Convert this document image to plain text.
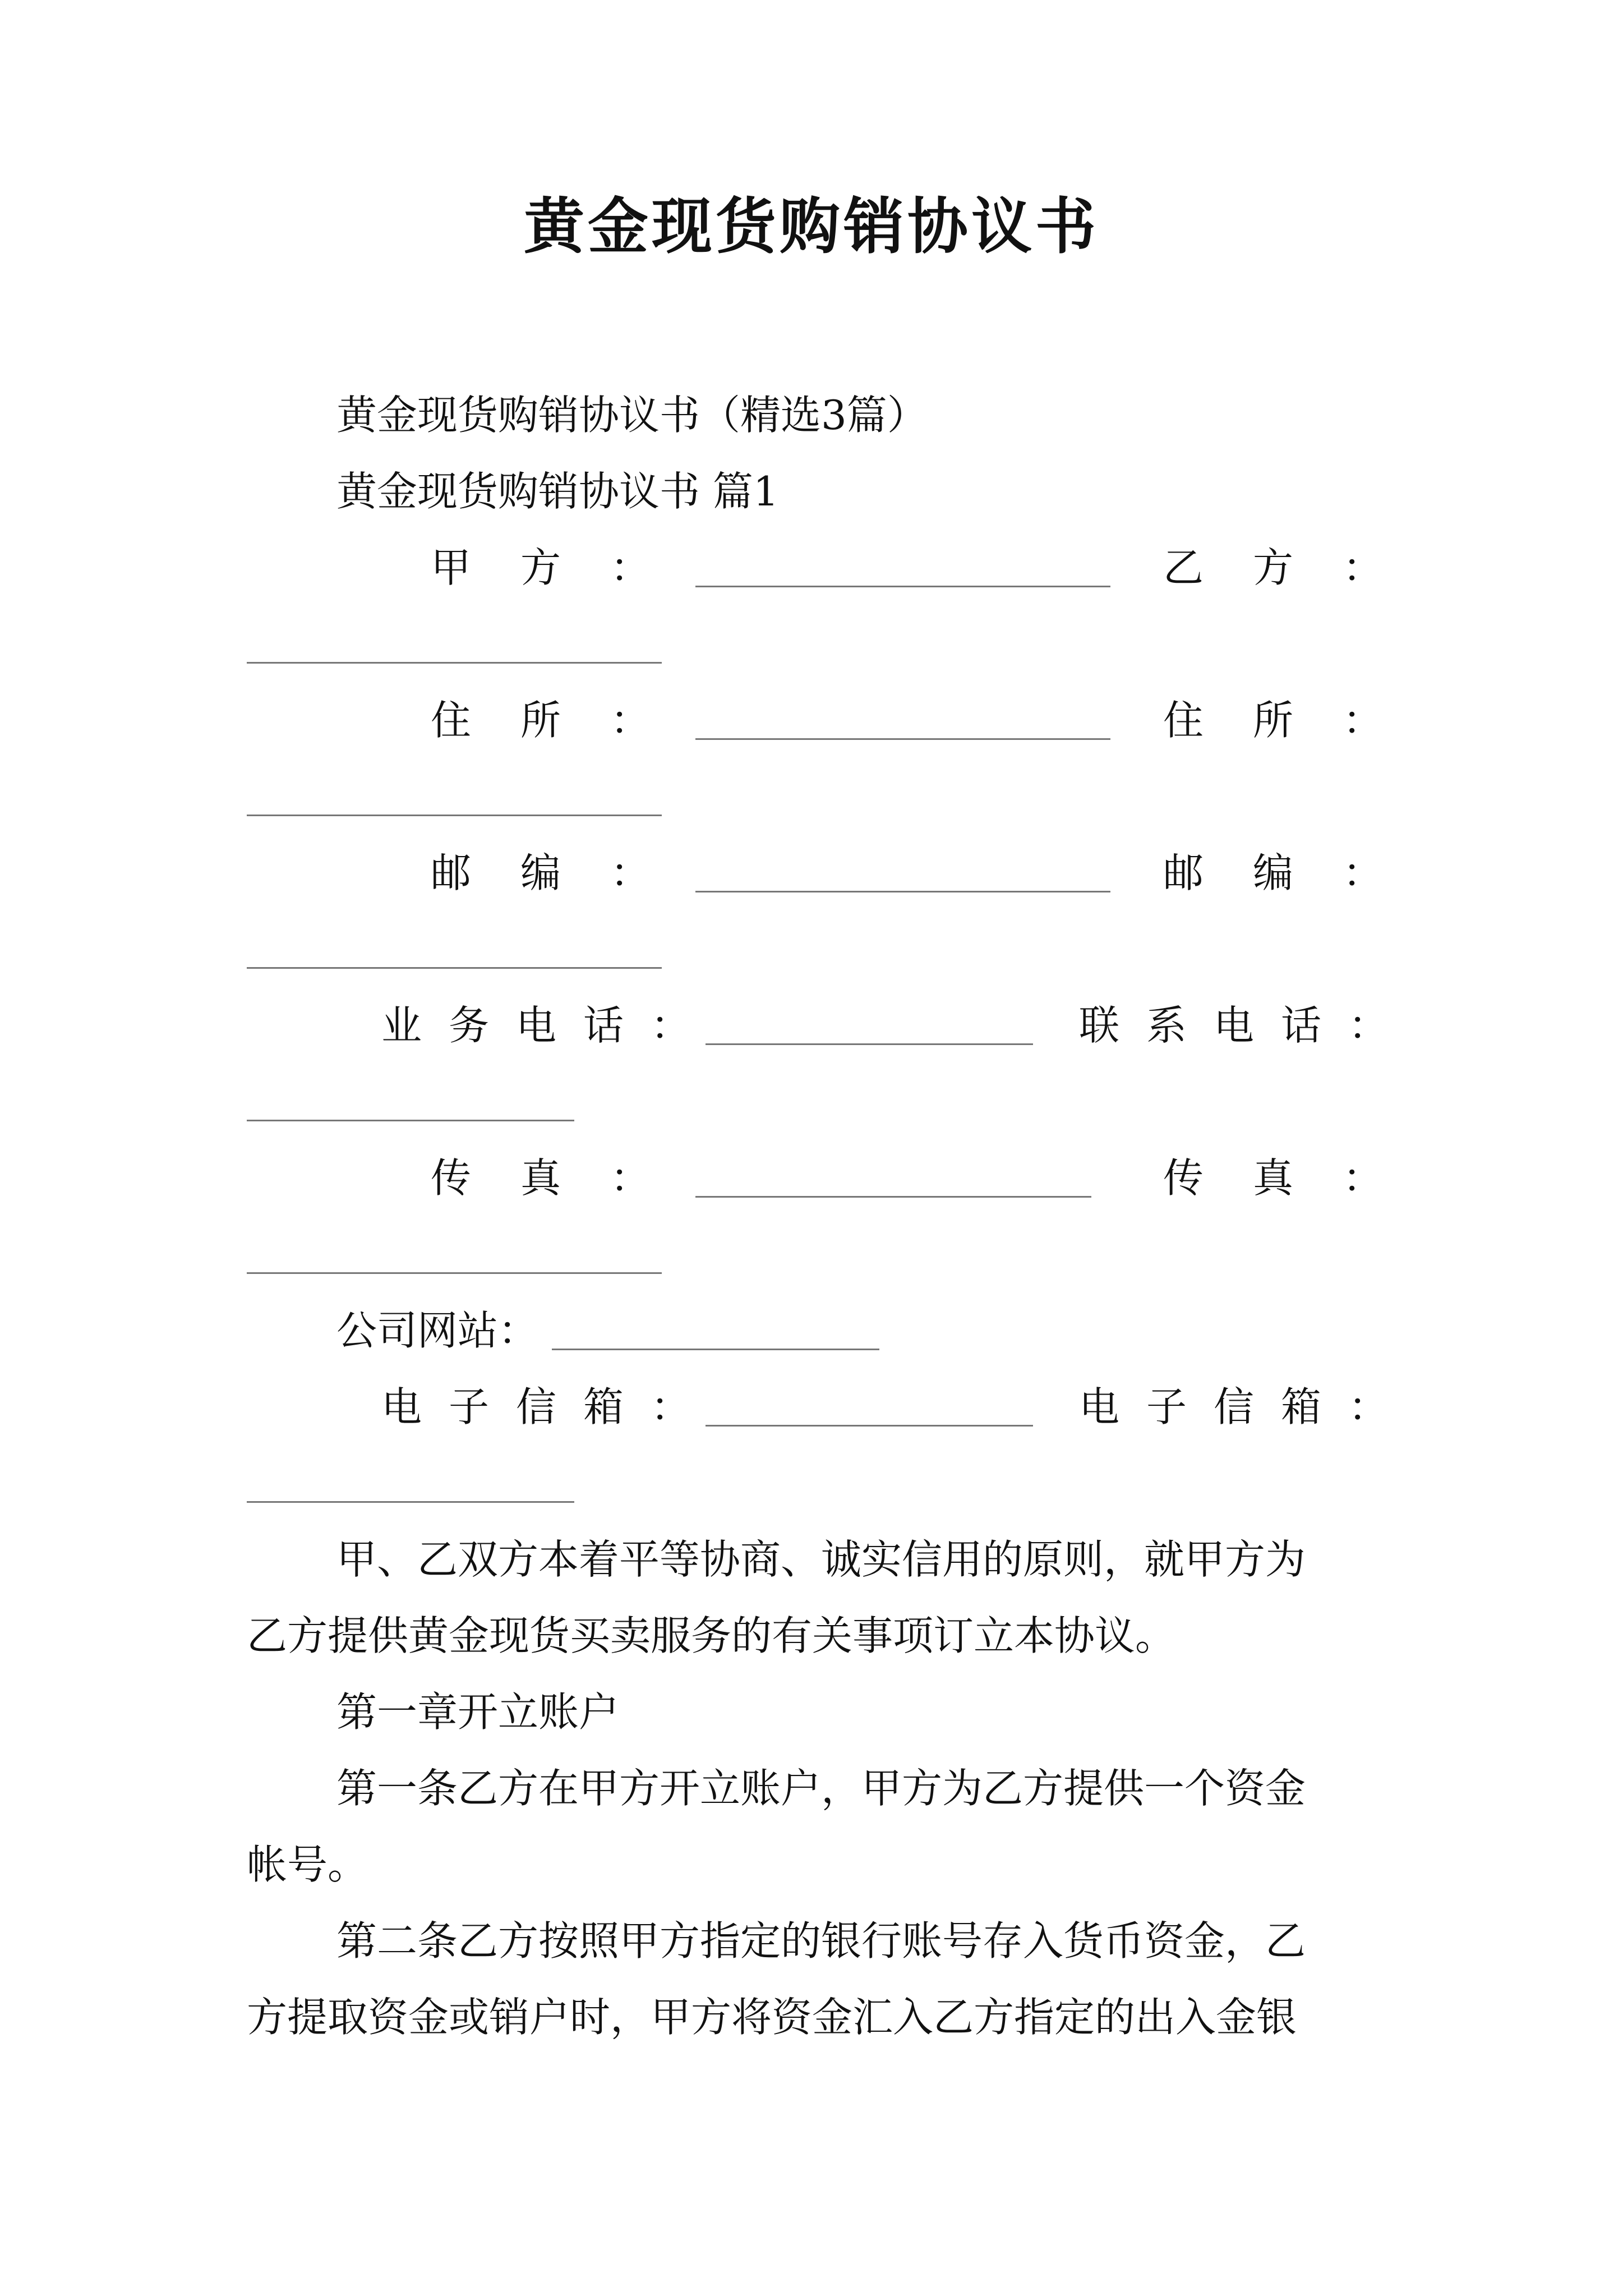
黄金现货购销协议书
黄金现货购销协议书（精选3篇）
黄金现货购销协议书 篇1
甲方：	乙方：
住所：	住所：
邮编：	邮编：
业务电话：	联系电话：
传真：	传真：
公司网站：
电子信箱：	电子信箱：
甲、乙双方本着平等协商、诚实信用的原则，就甲方为
乙方提供黄金现货买卖服务的有关事项订立本协议。
第一章开立账户
第一条乙方在甲方开立账户，甲方为乙方提供一个资金
帐号。
第二条乙方按照甲方指定的银行账号存入货币资金，乙
方提取资金或销户时，甲方将资金汇入乙方指定的出入金银
